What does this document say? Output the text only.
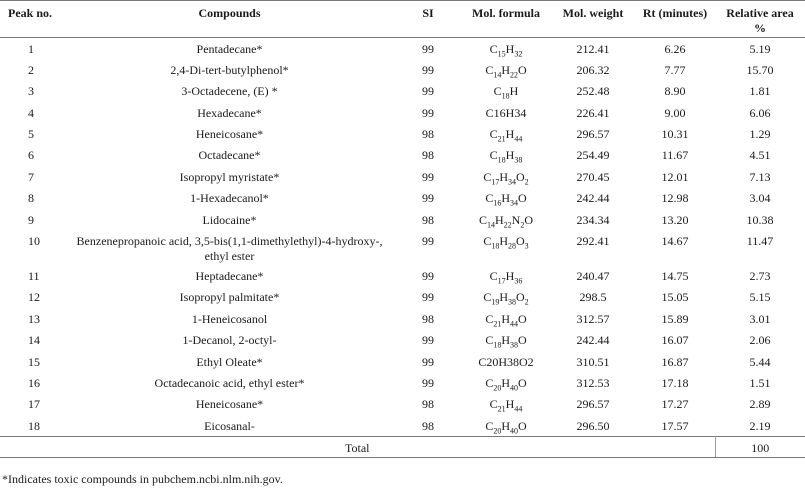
Peak no.	Compounds	SI	Mol. formula	Mol. weight	Rt (minutes)	Relative area
%
1	Pentadecane*	99	$C_{15}H_{32}$	212.41	6.26	5.19
2	2,4-Di-tert-butylphenol*	99	$C_{14}H_{22}O$	206.32	7.77	15.70
3	3-Octadecene, (E) *	99	$C_{18}H$	252.48	8.90	1.81
4	Hexadecane*	99	C16H34	226.41	9.00	6.06
5	Heneicosane*	98	$C_{21}H_{44}$	296.57	10.31	1.29
6	Octadecane*	98	$C_{18}H_{38}$	254.49	11.67	4.51
7	Isopropyl myristate*	99	$C_{17}H_{34}O_2$	270.45	12.01	7.13
8	1-Hexadecanol*	99	$C_{16}H_{34}O$	242.44	12.98	3.04
9	Lidocaine*	98	$C_{14}H_{22}N_2O$	234.34	13.20	10.38
10	Benzenepropanoic acid, 3,5-bis(1,1-dimethylethyl)-4-hydroxy-, ethyl ester	99	$C_{18}H_{28}O_3$	292.41	14.67	11.47
11	Heptadecane*	99	$C_{17}H_{36}$	240.47	14.75	2.73
12	Isopropyl palmitate*	99	$C_{19}H_{38}O_2$	298.5	15.05	5.15
13	1-Heneicosanol	98	$C_{21}H_{44}O$	312.57	15.89	3.01
14	1-Decanol, 2-octyl-	99	$C_{18}H_{38}O$	242.44	16.07	2.06
15	Ethyl Oleate*	99	C20H38O2	310.51	16.87	5.44
16	Octadecanoic acid, ethyl ester*	99	$C_{20}H_{40}O$	312.53	17.18	1.51
17	Heneicosane*	98	$C_{21}H_{44}$	296.57	17.27	2.89
18	Eicosanal-	98	$C_{20}H_{40}O$	296.50	17.57	2.19
Total						100
*Indicates toxic compounds in pubchem.ncbi.nlm.nih.gov.
